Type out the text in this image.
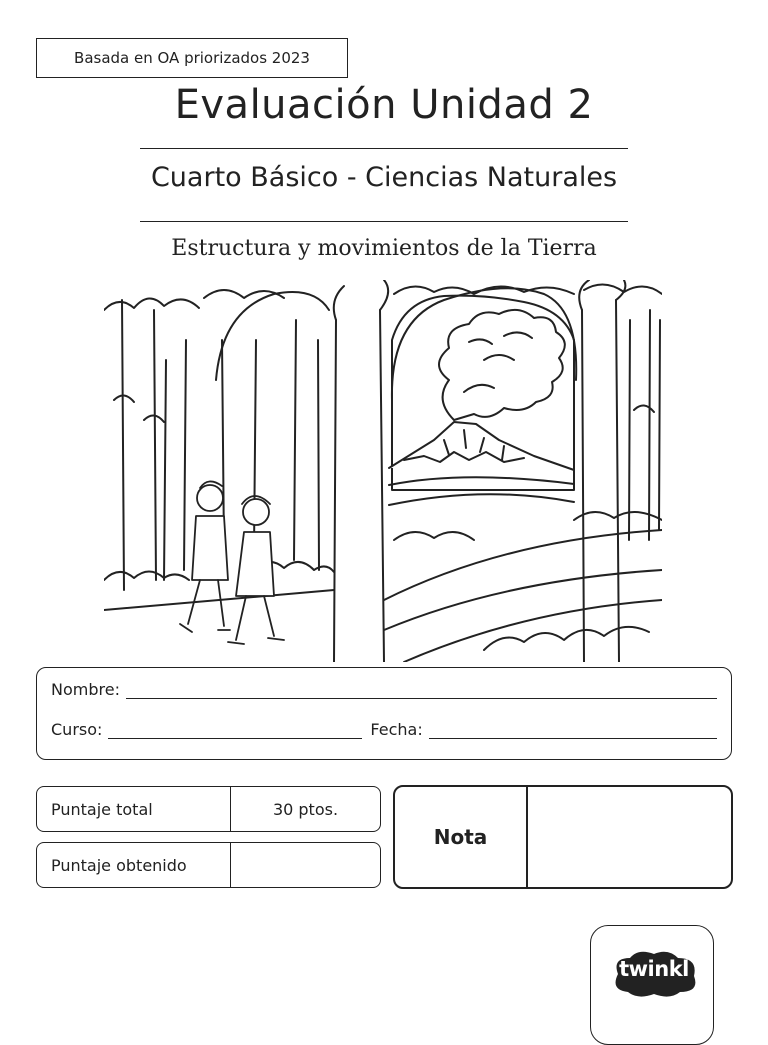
Basada en OA priorizados 2023
Evaluación Unidad 2
Cuarto Básico - Ciencias Naturales
Estructura y movimientos de la Tierra
Nombre:
Curso:	Fecha:
Puntaje total	30 ptos.
Puntaje obtenido
Nota
twinkl
